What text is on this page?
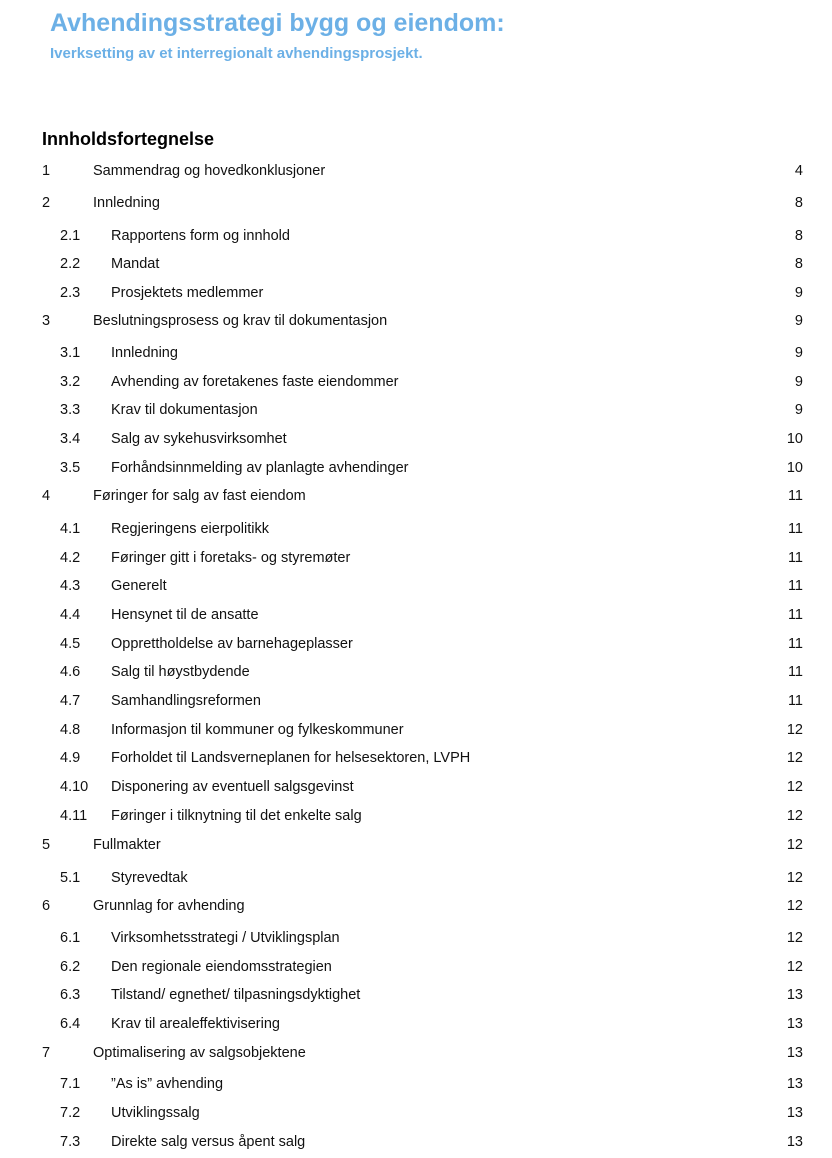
Avhendingsstrategi bygg og eiendom:
Iverksetting av et interregionalt avhendingsprosjekt.
Innholdsfortegnelse
1	Sammendrag og hovedkonklusjoner	4
2	Innledning	8
2.1 Rapportens form og innhold	8
2.2 Mandat	8
2.3 Prosjektets medlemmer	9
3	Beslutningsprosess og krav til dokumentasjon	9
3.1 Innledning	9
3.2 Avhending av foretakenes faste eiendommer	9
3.3 Krav til dokumentasjon	9
3.4 Salg av sykehusvirksomhet	10
3.5 Forhåndsinnmelding av planlagte avhendinger	10
4	Føringer for salg av fast eiendom	11
4.1 Regjeringens eierpolitikk	11
4.2 Føringer gitt i foretaks- og styremøter	11
4.3 Generelt	11
4.4 Hensynet til de ansatte	11
4.5 Opprettholdelse av barnehageplasser	11
4.6 Salg til høystbydende	11
4.7 Samhandlingsreformen	11
4.8 Informasjon til kommuner og fylkeskommuner	12
4.9 Forholdet til Landsverneplanen for helsesektoren, LVPH	12
4.10 Disponering av eventuell salgsgevinst	12
4.11 Føringer i tilknytning til det enkelte salg	12
5	Fullmakter	12
5.1 Styrevedtak	12
6	Grunnlag for avhending	12
6.1 Virksomhetsstrategi / Utviklingsplan	12
6.2 Den regionale eiendomsstrategien	12
6.3 Tilstand/ egnethet/ tilpasningsdyktighet	13
6.4 Krav til arealeffektivisering	13
7	Optimalisering av salgsobjektene	13
7.1 ”As is” avhending	13
7.2 Utviklingssalg	13
7.3 Direkte salg versus åpent salg	13
